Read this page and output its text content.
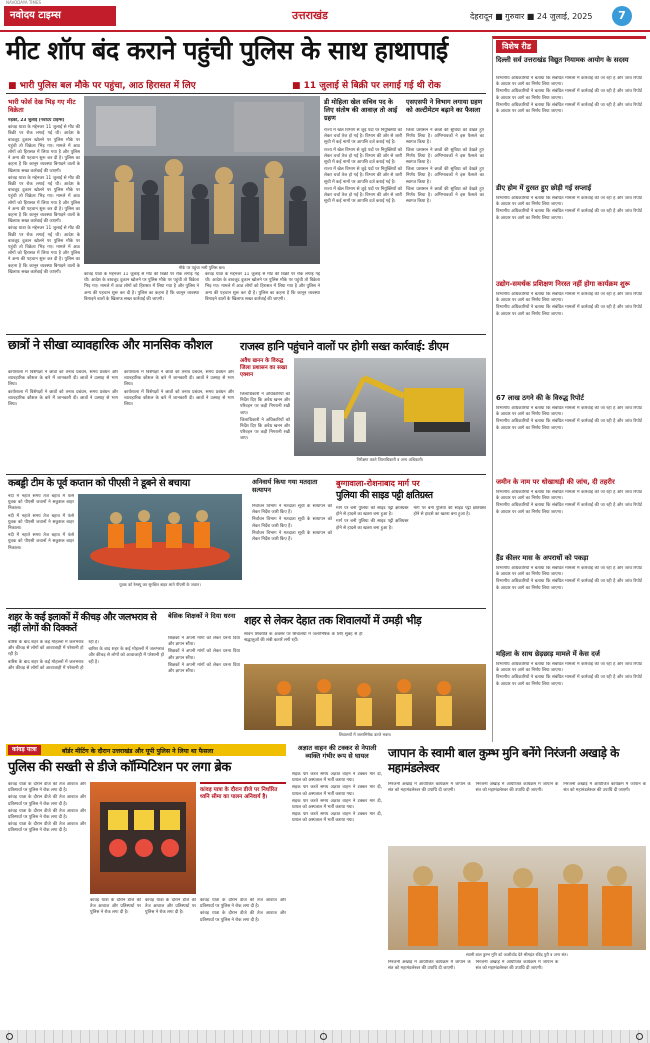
NAVODAYA TIMES
नवोदय टाइम्स	उत्तराखंड	देहरादून ■ गुरुवार ■ 24 जुलाई, 2025	7
मीट शॉप बंद कराने पहुंची पुलिस के साथ हाथापाई
■ भारी पुलिस बल मौके पर पहुंचा, आठ हिरासत में लिए	■ 11 जुलाई से बिक्री पर लगाई गई थी रोक
भारी फोर्स देख भिड़ गए मीट विक्रेता

रुड़की, 23 जुलाई (नवोदय टाइम्स)

कांवड़ यात्रा के मद्देनजर 11 जुलाई से मीट की बिक्री पर रोक लगाई गई थी। आदेश के बावजूद दुकान खोलने पर पुलिस मौके पर पहुंची तो विक्रेता भिड़ गए। मामले में आठ लोगों को हिरासत में लिया गया है और पुलिस ने अन्य की पहचान शुरू कर दी है। पुलिस का कहना है कि कानून व्यवस्था बिगाड़ने वालों के खिलाफ सख्त कार्रवाई की जाएगी।

कांवड़ यात्रा के मद्देनजर 11 जुलाई से मीट की बिक्री पर रोक लगाई गई थी। आदेश के बावजूद दुकान खोलने पर पुलिस मौके पर पहुंची तो विक्रेता भिड़ गए। मामले में आठ लोगों को हिरासत में लिया गया है और पुलिस ने अन्य की पहचान शुरू कर दी है। पुलिस का कहना है कि कानून व्यवस्था बिगाड़ने वालों के खिलाफ सख्त कार्रवाई की जाएगी।

कांवड़ यात्रा के मद्देनजर 11 जुलाई से मीट की बिक्री पर रोक लगाई गई थी। आदेश के बावजूद दुकान खोलने पर पुलिस मौके पर पहुंची तो विक्रेता भिड़ गए। मामले में आठ लोगों को हिरासत में लिया गया है और पुलिस ने अन्य की पहचान शुरू कर दी है। पुलिस का कहना है कि कानून व्यवस्था बिगाड़ने वालों के खिलाफ सख्त कार्रवाई की जाएगी।

मौके पर पहुंचा भारी पुलिस बल।

कांवड़ यात्रा के मद्देनजर 11 जुलाई से मीट की बिक्री पर रोक लगाई गई थी। आदेश के बावजूद दुकान खोलने पर पुलिस मौके पर पहुंची तो विक्रेता भिड़ गए। मामले में आठ लोगों को हिरासत में लिया गया है और पुलिस ने अन्य की पहचान शुरू कर दी है। पुलिस का कहना है कि कानून व्यवस्था बिगाड़ने वालों के खिलाफ सख्त कार्रवाई की जाएगी।

कांवड़ यात्रा के मद्देनजर 11 जुलाई से मीट की बिक्री पर रोक लगाई गई थी। आदेश के बावजूद दुकान खोलने पर पुलिस मौके पर पहुंची तो विक्रेता भिड़ गए। मामले में आठ लोगों को हिरासत में लिया गया है और पुलिस ने अन्य की पहचान शुरू कर दी है। पुलिस का कहना है कि कानून व्यवस्था बिगाड़ने वालों के खिलाफ सख्त कार्रवाई की जाएगी।

डी मोहिला खेल सचिव पद के लिए संतोष की आवाज़ तो आई ग्रहण

राज्य में खेल विभाग से जुड़े पदों पर नियुक्तियों को लेकर चर्चा तेज हो गई है। विभाग की ओर से जारी सूची में कई नामों पर आपत्ति दर्ज कराई गई है।

राज्य में खेल विभाग से जुड़े पदों पर नियुक्तियों को लेकर चर्चा तेज हो गई है। विभाग की ओर से जारी सूची में कई नामों पर आपत्ति दर्ज कराई गई है।

राज्य में खेल विभाग से जुड़े पदों पर नियुक्तियों को लेकर चर्चा तेज हो गई है। विभाग की ओर से जारी सूची में कई नामों पर आपत्ति दर्ज कराई गई है।

राज्य में खेल विभाग से जुड़े पदों पर नियुक्तियों को लेकर चर्चा तेज हो गई है। विभाग की ओर से जारी सूची में कई नामों पर आपत्ति दर्ज कराई गई है।

एसएसपी ने विभाग लगाया ग्रहण को अल्टीमेटम बढ़ाने का फैसला

जिला प्रशासन ने छात्रों की सुविधा को देखते हुए निर्णय लिया है। अभिभावकों ने इस फैसले का स्वागत किया है।

जिला प्रशासन ने छात्रों की सुविधा को देखते हुए निर्णय लिया है। अभिभावकों ने इस फैसले का स्वागत किया है।

जिला प्रशासन ने छात्रों की सुविधा को देखते हुए निर्णय लिया है। अभिभावकों ने इस फैसले का स्वागत किया है।

जिला प्रशासन ने छात्रों की सुविधा को देखते हुए निर्णय लिया है। अभिभावकों ने इस फैसले का स्वागत किया है।

छात्रों ने सीखा व्यावहारिक और मानसिक कौशल

कार्यशाला में विशेषज्ञों ने छात्रों को तनाव प्रबंधन, समय प्रबंधन और व्यावहारिक कौशल के बारे में जानकारी दी। छात्रों ने उत्साह से भाग लिया।

कार्यशाला में विशेषज्ञों ने छात्रों को तनाव प्रबंधन, समय प्रबंधन और व्यावहारिक कौशल के बारे में जानकारी दी। छात्रों ने उत्साह से भाग लिया।

कार्यशाला में विशेषज्ञों ने छात्रों को तनाव प्रबंधन, समय प्रबंधन और व्यावहारिक कौशल के बारे में जानकारी दी। छात्रों ने उत्साह से भाग लिया।

कार्यशाला में विशेषज्ञों ने छात्रों को तनाव प्रबंधन, समय प्रबंधन और व्यावहारिक कौशल के बारे में जानकारी दी। छात्रों ने उत्साह से भाग लिया।

राजस्व हानि पहुंचाने वालों पर होगी सख्त कार्रवाई: डीएम
अवैध खनन के विरुद्ध जिला प्रशासन का सख्त एक्शन

जिलाधिकारी ने अधिकारियों को निर्देश दिए कि अवैध खनन और परिवहन पर कड़ी निगरानी रखी जाए।

जिलाधिकारी ने अधिकारियों को निर्देश दिए कि अवैध खनन और परिवहन पर कड़ी निगरानी रखी जाए।

निरीक्षण करते जिलाधिकारी व अन्य अधिकारी।
कबड्डी टीम के पूर्व कप्तान को पीएसी ने डूबने से बचाया

नदी में नहाते समय तेज बहाव में फंसे युवक को पीएसी जवानों ने सकुशल बाहर निकाला।

नदी में नहाते समय तेज बहाव में फंसे युवक को पीएसी जवानों ने सकुशल बाहर निकाला।

नदी में नहाते समय तेज बहाव में फंसे युवक को पीएसी जवानों ने सकुशल बाहर निकाला।

युवक को रेस्क्यू कर सुरक्षित बाहर लाते पीएसी के जवान।
अनिवार्य किया गया मतदाता सत्यापन

निर्वाचन विभाग ने मतदाता सूची के सत्यापन को लेकर निर्देश जारी किए हैं।

निर्वाचन विभाग ने मतदाता सूची के सत्यापन को लेकर निर्देश जारी किए हैं।

निर्वाचन विभाग ने मतदाता सूची के सत्यापन को लेकर निर्देश जारी किए हैं।

बुग्गावाला-रोशनाबाद मार्ग पर
पुलिया की साइड पट्टी क्षतिग्रस्त

मार्ग पर बनी पुलिया की साइड पट्टी क्षतिग्रस्त होने से हादसे का खतरा बना हुआ है।

मार्ग पर बनी पुलिया की साइड पट्टी क्षतिग्रस्त होने से हादसे का खतरा बना हुआ है।

मार्ग पर बनी पुलिया की साइड पट्टी क्षतिग्रस्त होने से हादसे का खतरा बना हुआ है।

शहर के कई इलाकों में कीचड़ और जलभराव से नहीं लोगों की दिक्कतें

बारिश के बाद शहर के कई मोहल्लों में जलभराव और कीचड़ से लोगों को आवाजाही में परेशानी हो रही है।

बारिश के बाद शहर के कई मोहल्लों में जलभराव और कीचड़ से लोगों को आवाजाही में परेशानी हो रही है।

बारिश के बाद शहर के कई मोहल्लों में जलभराव और कीचड़ से लोगों को आवाजाही में परेशानी हो रही है।

बेसिक शिक्षकों ने दिया धरना

शिक्षकों ने अपनी मांगों को लेकर धरना दिया और ज्ञापन सौंपा।

शिक्षकों ने अपनी मांगों को लेकर धरना दिया और ज्ञापन सौंपा।

शिक्षकों ने अपनी मांगों को लेकर धरना दिया और ज्ञापन सौंपा।

शहर से लेकर देहात तक शिवालयों में उमड़ी भीड़

सावन शिवरात्रि के अवसर पर शिवालयों में जलाभिषेक के लिए सुबह से ही श्रद्धालुओं की लंबी कतारें लगी रहीं।

शिवालयों में जलाभिषेक करते भक्त।
विशेष रीड
दिल्ली सर्व उत्तराखंड विद्युत नियामक आयोग के सदस्य

विभागीय अधिकारियों ने बताया कि संबंधित मामलों में कार्रवाई की जा रही है और जांच रिपोर्ट के आधार पर आगे का निर्णय लिया जाएगा।

विभागीय अधिकारियों ने बताया कि संबंधित मामलों में कार्रवाई की जा रही है और जांच रिपोर्ट के आधार पर आगे का निर्णय लिया जाएगा।

विभागीय अधिकारियों ने बताया कि संबंधित मामलों में कार्रवाई की जा रही है और जांच रिपोर्ट के आधार पर आगे का निर्णय लिया जाएगा।

डीए होम में दुरस्त हुए छोड़ी गई सप्लाई

विभागीय अधिकारियों ने बताया कि संबंधित मामलों में कार्रवाई की जा रही है और जांच रिपोर्ट के आधार पर आगे का निर्णय लिया जाएगा।

विभागीय अधिकारियों ने बताया कि संबंधित मामलों में कार्रवाई की जा रही है और जांच रिपोर्ट के आधार पर आगे का निर्णय लिया जाएगा।

उद्योग-समर्थक प्रशिक्षण निरस्त नहीं होगा कार्यक्रम शुरू

विभागीय अधिकारियों ने बताया कि संबंधित मामलों में कार्रवाई की जा रही है और जांच रिपोर्ट के आधार पर आगे का निर्णय लिया जाएगा।

विभागीय अधिकारियों ने बताया कि संबंधित मामलों में कार्रवाई की जा रही है और जांच रिपोर्ट के आधार पर आगे का निर्णय लिया जाएगा।

67 लाख ठगने की के विरुद्ध रिपोर्ट

विभागीय अधिकारियों ने बताया कि संबंधित मामलों में कार्रवाई की जा रही है और जांच रिपोर्ट के आधार पर आगे का निर्णय लिया जाएगा।

विभागीय अधिकारियों ने बताया कि संबंधित मामलों में कार्रवाई की जा रही है और जांच रिपोर्ट के आधार पर आगे का निर्णय लिया जाएगा।

जमीन के नाम पर धोखाधड़ी की जांच, दी तहरीर

विभागीय अधिकारियों ने बताया कि संबंधित मामलों में कार्रवाई की जा रही है और जांच रिपोर्ट के आधार पर आगे का निर्णय लिया जाएगा।

विभागीय अधिकारियों ने बताया कि संबंधित मामलों में कार्रवाई की जा रही है और जांच रिपोर्ट के आधार पर आगे का निर्णय लिया जाएगा।

हैंड कीलर मास के अपराधों को पकड़ा

विभागीय अधिकारियों ने बताया कि संबंधित मामलों में कार्रवाई की जा रही है और जांच रिपोर्ट के आधार पर आगे का निर्णय लिया जाएगा।

विभागीय अधिकारियों ने बताया कि संबंधित मामलों में कार्रवाई की जा रही है और जांच रिपोर्ट के आधार पर आगे का निर्णय लिया जाएगा।

महिला के साथ छेड़छाड़ मामले में केस दर्ज

विभागीय अधिकारियों ने बताया कि संबंधित मामलों में कार्रवाई की जा रही है और जांच रिपोर्ट के आधार पर आगे का निर्णय लिया जाएगा।

विभागीय अधिकारियों ने बताया कि संबंधित मामलों में कार्रवाई की जा रही है और जांच रिपोर्ट के आधार पर आगे का निर्णय लिया जाएगा।

कांवड़ यात्रा	बॉर्डर मीटिंग के दौरान उत्तराखंड और यूपी पुलिस ने लिया था फैसला
पुलिस की सख्ती से डीजे कॉम्पिटिशन पर लगा ब्रेक

कांवड़ यात्रा के दौरान डीजे की तेज आवाज और प्रतिस्पर्धा पर पुलिस ने रोक लगा दी है।

कांवड़ यात्रा के दौरान डीजे की तेज आवाज और प्रतिस्पर्धा पर पुलिस ने रोक लगा दी है।

कांवड़ यात्रा के दौरान डीजे की तेज आवाज और प्रतिस्पर्धा पर पुलिस ने रोक लगा दी है।

कांवड़ यात्रा के दौरान डीजे की तेज आवाज और प्रतिस्पर्धा पर पुलिस ने रोक लगा दी है।

कांवड़ यात्रा के दौरान डीजे की तेज आवाज और प्रतिस्पर्धा पर पुलिस ने रोक लगा दी है।

कांवड़ यात्रा के दौरान डीजे की तेज आवाज और प्रतिस्पर्धा पर पुलिस ने रोक लगा दी है।

कांवड़ यात्रा के दौरान डीजे पर निर्धारित ध्वनि सीमा का पालन अनिवार्य है।

कांवड़ यात्रा के दौरान डीजे की तेज आवाज और प्रतिस्पर्धा पर पुलिस ने रोक लगा दी है।

कांवड़ यात्रा के दौरान डीजे की तेज आवाज और प्रतिस्पर्धा पर पुलिस ने रोक लगा दी है।

अज्ञात वाहन की टक्कर से नेपाली व्यक्ति गंभीर रूप से घायल

सड़क पार करते समय अज्ञात वाहन ने टक्कर मार दी, घायल को अस्पताल में भर्ती कराया गया।

सड़क पार करते समय अज्ञात वाहन ने टक्कर मार दी, घायल को अस्पताल में भर्ती कराया गया।

सड़क पार करते समय अज्ञात वाहन ने टक्कर मार दी, घायल को अस्पताल में भर्ती कराया गया।

सड़क पार करते समय अज्ञात वाहन ने टक्कर मार दी, घायल को अस्पताल में भर्ती कराया गया।

जापान के स्वामी बाल कुम्भ मुनि बनेंगे निरंजनी अखाड़े के महामंडलेश्वर

निरंजनी अखाड़े में आयोजित कार्यक्रम में जापान के संत को महामंडलेश्वर की उपाधि दी जाएगी।

निरंजनी अखाड़े में आयोजित कार्यक्रम में जापान के संत को महामंडलेश्वर की उपाधि दी जाएगी।

निरंजनी अखाड़े में आयोजित कार्यक्रम में जापान के संत को महामंडलेश्वर की उपाधि दी जाएगी।

स्वामी बाल कुम्भ मुनि को आशीर्वाद देते श्रीमहंत रविंद्र पुरी व अन्य संत।

निरंजनी अखाड़े में आयोजित कार्यक्रम में जापान के संत को महामंडलेश्वर की उपाधि दी जाएगी।

निरंजनी अखाड़े में आयोजित कार्यक्रम में जापान के संत को महामंडलेश्वर की उपाधि दी जाएगी।
